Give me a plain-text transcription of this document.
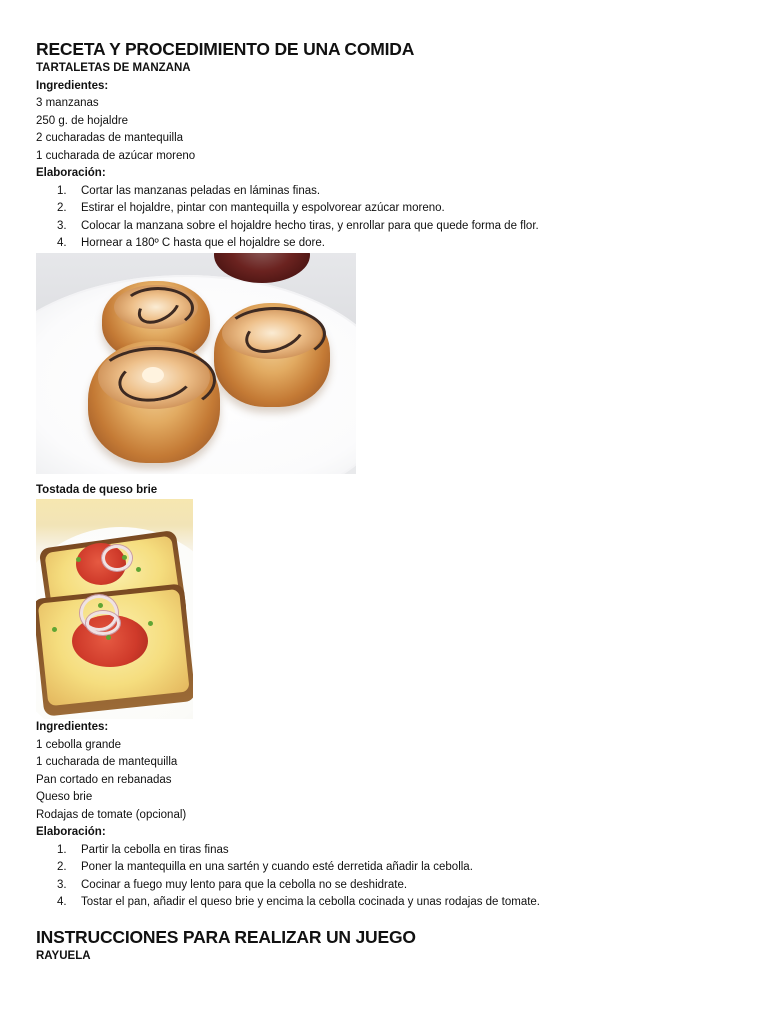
RECETA Y PROCEDIMIENTO DE UNA COMIDA

TARTALETAS DE MANZANA

Ingredientes:

3 manzanas

250 g. de hojaldre

2 cucharadas de mantequilla

1 cucharada de azúcar moreno

Elaboración:

1. Cortar las manzanas peladas en láminas finas.
2. Estirar el hojaldre, pintar con mantequilla y espolvorear azúcar moreno.
3. Colocar la manzana sobre el hojaldre hecho tiras, y enrollar para que quede forma de flor.
4. Hornear a 180º C hasta que el hojaldre se dore.

Tostada de queso brie

Ingredientes:

1 cebolla grande

1 cucharada de mantequilla

Pan cortado en rebanadas

Queso brie

Rodajas de tomate (opcional)

Elaboración:

1. Partir la cebolla en tiras finas
2. Poner la mantequilla en una sartén y cuando esté derretida añadir la cebolla.
3. Cocinar a fuego muy lento para que la cebolla no se deshidrate.
4. Tostar el pan, añadir el queso brie y encima la cebolla cocinada y unas rodajas de tomate.
INSTRUCCIONES PARA REALIZAR UN JUEGO

RAYUELA
